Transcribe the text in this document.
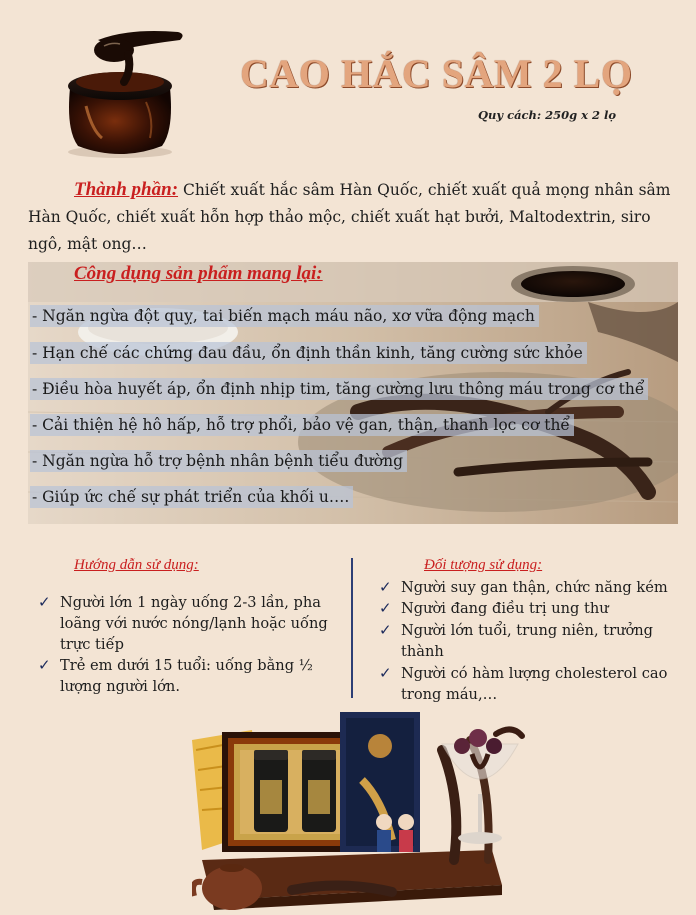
CAO HẮC SÂM 2 LỌ
Quy cách: 250g x 2 lọ
Thành phần: Chiết xuất hắc sâm Hàn Quốc, chiết xuất quả mọng nhân sâm Hàn Quốc, chiết xuất hỗn hợp thảo mộc, chiết xuất hạt bưởi, Maltodextrin, siro ngô, mật ong…
Công dụng sản phẩm mang lại:
- Ngăn ngừa đột quỵ, tai biến mạch máu não, xơ vữa động mạch
- Hạn chế các chứng đau đầu, ổn định thần kinh, tăng cường sức khỏe
- Điều hòa huyết áp, ổn định nhịp tim, tăng cường lưu thông máu trong cơ thể
- Cải thiện hệ hô hấp, hỗ trợ phổi, bảo vệ gan, thận, thanh lọc cơ thể
- Ngăn ngừa hỗ trợ bệnh nhân bệnh tiểu đường
- Giúp ức chế sự phát triển của khối u….
Hướng dẫn sử dụng:
✓ Người lớn 1 ngày uống 2-3 lần, pha loãng với nước nóng/lạnh hoặc uống trực tiếp
✓ Trẻ em dưới 15 tuổi: uống bằng ½ lượng người lớn.
Đối tượng sử dụng:
✓ Người suy gan thận, chức năng kém
✓ Người đang điều trị ung thư
✓ Người lớn tuổi, trung niên, trưởng thành
✓ Người có hàm lượng cholesterol cao trong máu,…
